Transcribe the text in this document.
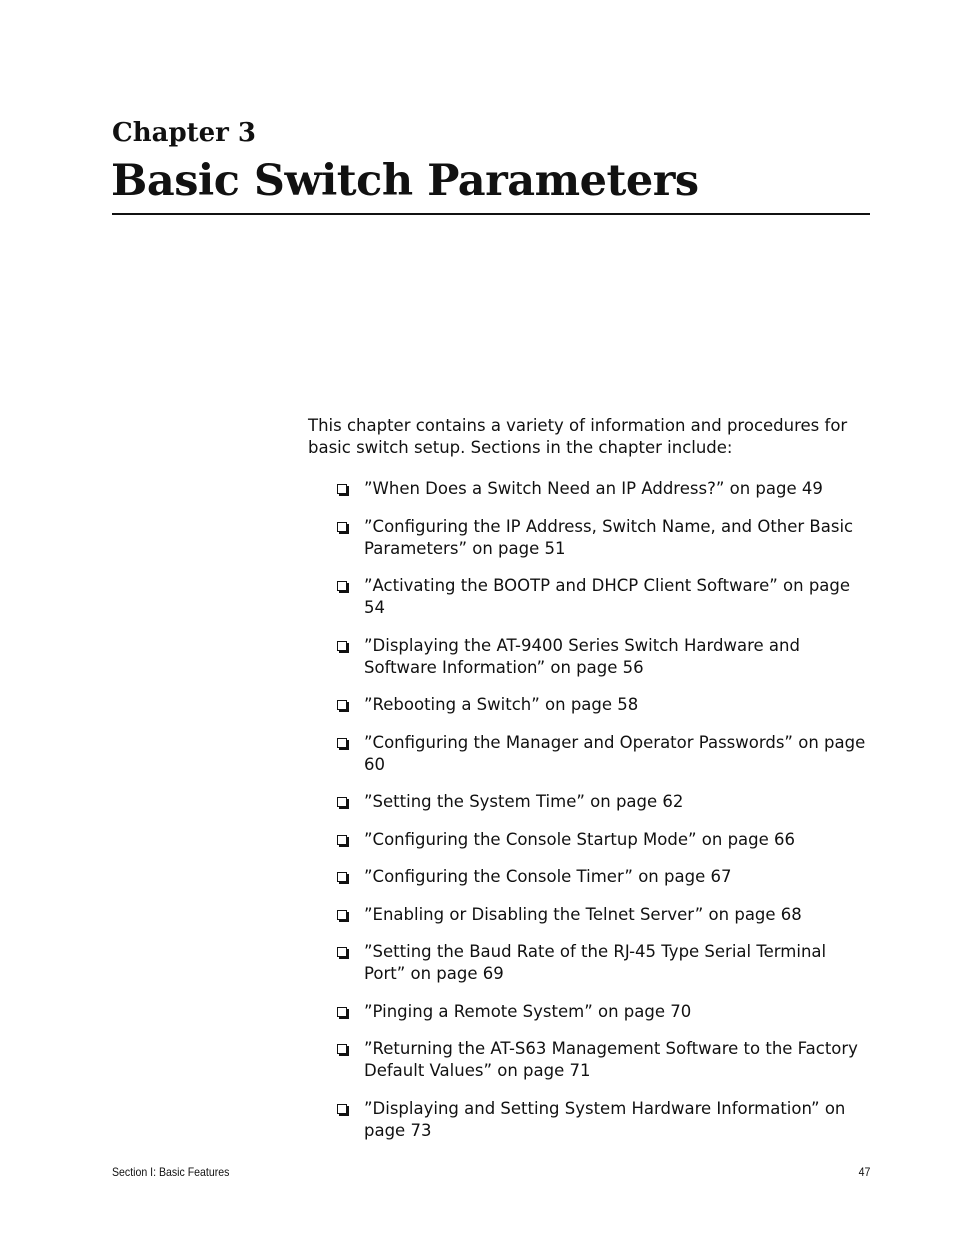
Chapter 3
Basic Switch Parameters

This chapter contains a variety of information and procedures for basic switch setup. Sections in the chapter include:

”When Does a Switch Need an IP Address?” on page 49
”Configuring the IP Address, Switch Name, and Other Basic Parameters” on page 51
”Activating the BOOTP and DHCP Client Software” on page 54
”Displaying the AT-9400 Series Switch Hardware and Software Information” on page 56
”Rebooting a Switch” on page 58
”Configuring the Manager and Operator Passwords” on page 60
”Setting the System Time” on page 62
”Configuring the Console Startup Mode” on page 66
”Configuring the Console Timer” on page 67
”Enabling or Disabling the Telnet Server” on page 68
”Setting the Baud Rate of the RJ-45 Type Serial Terminal Port” on page 69
”Pinging a Remote System” on page 70
”Returning the AT-S63 Management Software to the Factory Default Values” on page 71
”Displaying and Setting System Hardware Information” on page 73
Section I: Basic Features	47
